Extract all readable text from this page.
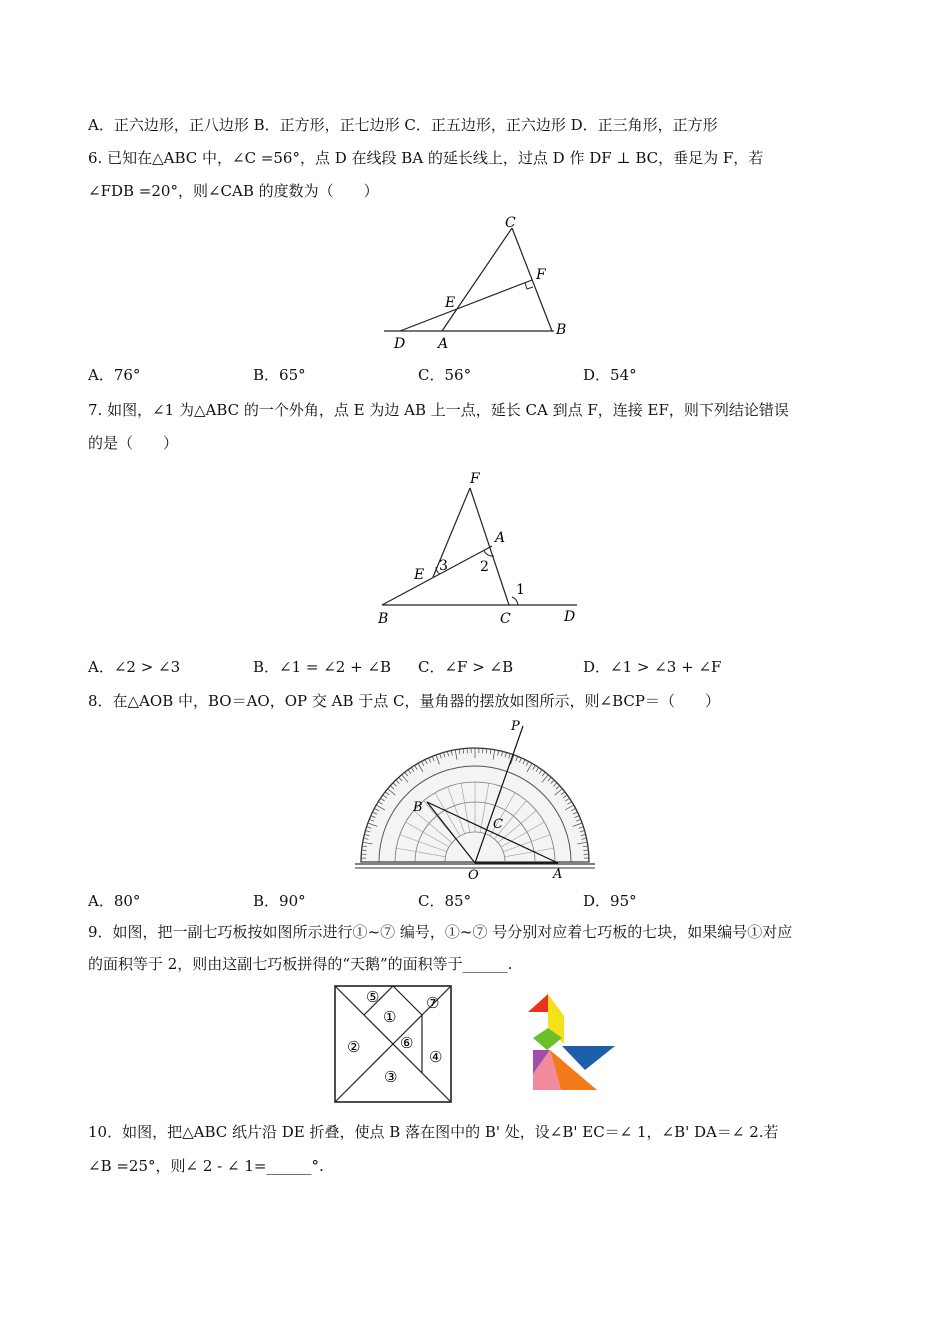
A．正六边形，正八边形 B．正方形，正七边形 C．正五边形，正六边形 D．正三角形，正方形
6. 已知在△ABC 中，∠C =56°，点 D 在线段 BA 的延长线上，过点 D 作 DF ⊥ BC，垂足为 F，若
∠FDB =20°，则∠CAB 的度数为（　　）
C
F
E
B
D A
A．76°	B．65°	C．56°	D．54°
7. 如图，∠1 为△ABC 的一个外角，点 E 为边 AB 上一点，延长 CA 到点 F，连接 EF，则下列结论错误
的是（　　）
F
A
E
B	C	D
1
2
3
A．∠2 > ∠3	B．∠1 = ∠2 + ∠B C．∠F > ∠B	D．∠1 > ∠3 + ∠F
8．在△AOB 中，BO＝AO，OP 交 AB 于点 C，量角器的摆放如图所示，则∠BCP＝（　　）
P
B
C
O	A
A．80°	B．90°	C．85°	D．95°
9．如图，把一副七巧板按如图所示进行①~⑦ 编号，①~⑦ 号分别对应着七巧板的七块，如果编号①对应
的面积等于 2，则由这副七巧板拼得的“天鹅”的面积等于______.
⑤
①
⑦
②	⑥
④
③
10．如图，把△ABC 纸片沿 DE 折叠，使点 B 落在图中的 B' 处，设∠B' EC＝∠ 1，∠B' DA＝∠ 2.若
∠B =25°，则∠ 2 - ∠ 1=______°.
